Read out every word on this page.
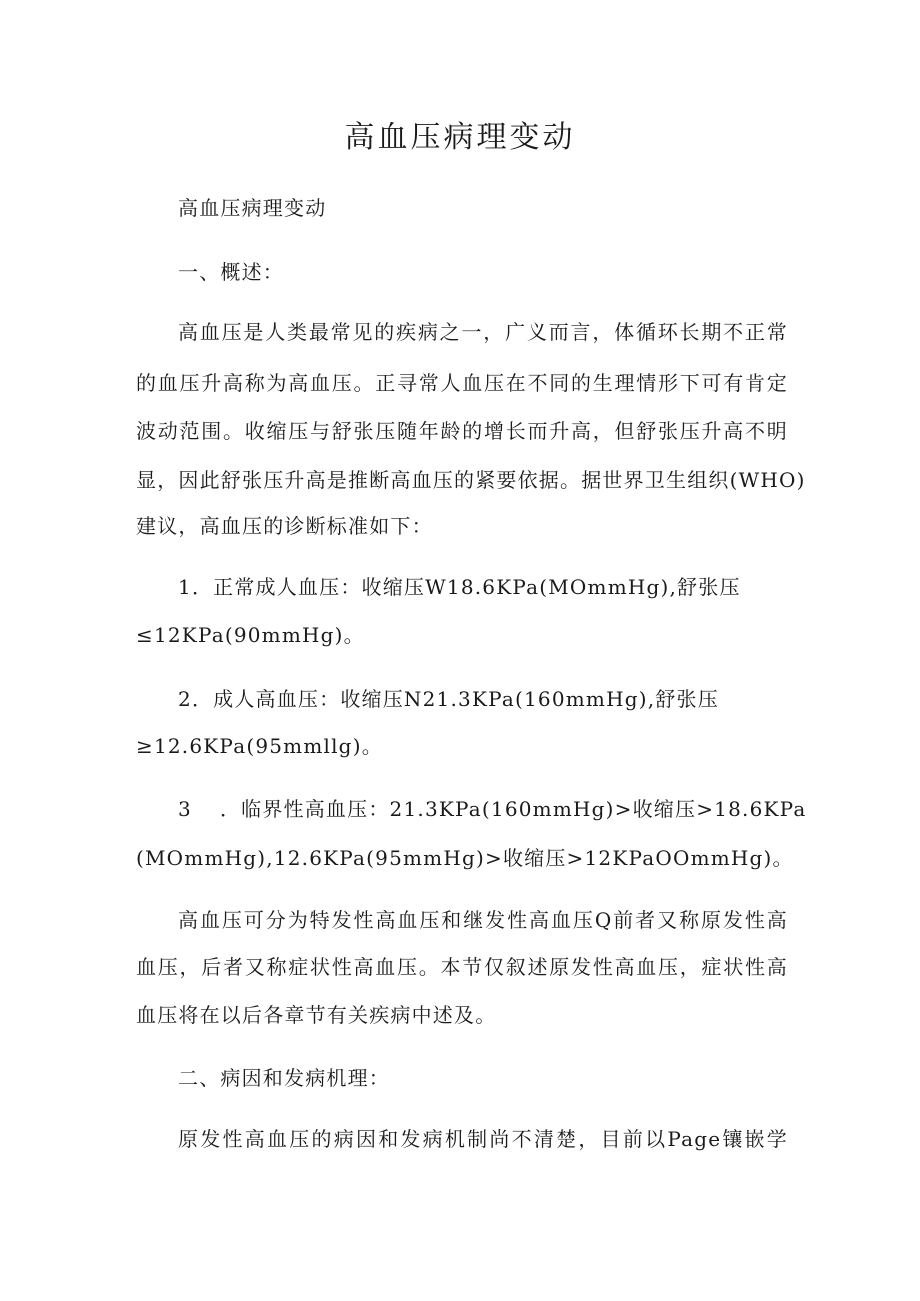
高血压病理变动

高血压病理变动

一、概述：

高血压是人类最常见的疾病之一，广义而言，体循环长期不正常

的血压升高称为高血压。正寻常人血压在不同的生理情形下可有肯定

波动范围。收缩压与舒张压随年龄的增长而升高，但舒张压升高不明

显，因此舒张压升高是推断高血压的紧要依据。据世界卫生组织(WHO)

建议，高血压的诊断标准如下：

1．正常成人血压：收缩压W18.6KPa(MOmmHg),舒张压

≤12KPa(90mmHg)。

2．成人高血压：收缩压N21.3KPa(160mmHg),舒张压

≥12.6KPa(95mmllg)。

3 ．临界性高血压：21.3KPa(160mmHg)>收缩压>18.6KPa

(MOmmHg),12.6KPa(95mmHg)>收缩压>12KPaOOmmHg)。

高血压可分为特发性高血压和继发性高血压Q前者又称原发性高

血压，后者又称症状性高血压。本节仅叙述原发性高血压，症状性高

血压将在以后各章节有关疾病中述及。

二、病因和发病机理：

原发性高血压的病因和发病机制尚不清楚，目前以Page镶嵌学
